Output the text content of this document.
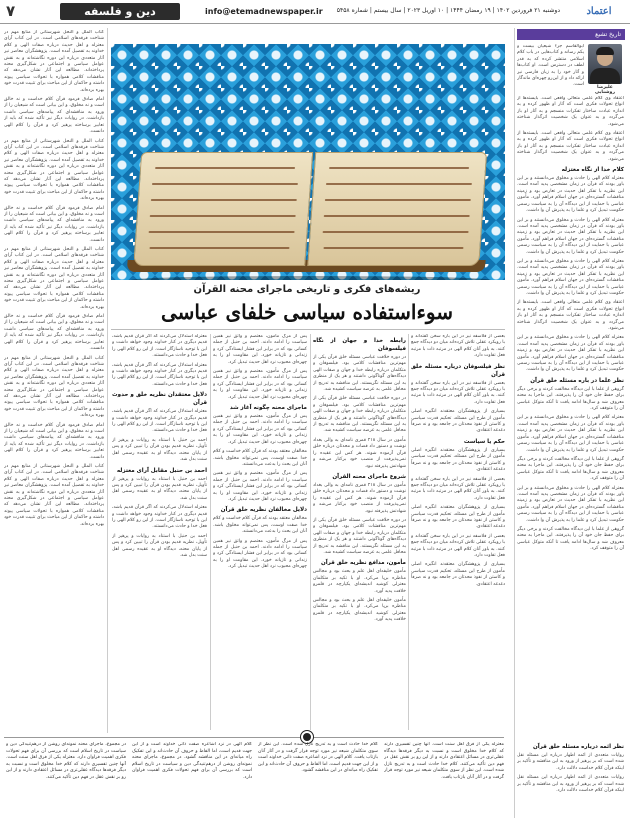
۷	دین و فلسفه	info@etemadnewspaper.ir	دوشنبه ۲۱ فروردین ۱۴۰۲ | ۱۹ رمضان ۱۴۴۴ | ۱۰ آوریل ۲۰۲۳ | سال بیستم | شماره ۵۴۵۸	اعتماد
تاریخ تشیع
علیرضا روشنایی

ابوالقاسم جزء شیعیان بیست و یکم رسانه و کتاب‌هایی در باب کلام اسلامی منتشر کرده که به قدر لطف در دسترس است. او کتاب‌ها و آثار خود را به زبان فارسی نیز ارائه داد و از این‌رو چهره‌ای ماندگار است.

اعتقاد وی کلام علمی متعالی واقعی است. بایسته‌ها از انواع تحولات فکری است که آثار او ظهور کرده و به اندازه عبادت ساختار تفکرات منسجم و به آثار او باز می‌گردد و به عنوان یک شخصیت اثرگذار شناخته می‌شود.

اعتقاد وی کلام علمی متعالی واقعی است. بایسته‌ها از انواع تحولات فکری است که آثار او ظهور کرده و به اندازه عبادت ساختار تفکرات منسجم و به آثار او باز می‌گردد و به عنوان یک شخصیت اثرگذار شناخته می‌شود.

کلام خدا از نگاه معتزله

معتزله کلام الهی را حادث و مخلوق می‌دانستند و بر این باور بودند که قرآن در زمان مشخصی پدید آمده است. این نظریه با تفکر اهل حدیث در تعارض بود و زمینه مناقشات گسترده‌ای در جهان اسلام فراهم آورد. مأمون عباسی با حمایت از این دیدگاه آن را به سیاست رسمی حکومت تبدیل کرد و علما را به پذیرش آن وا داشت.

معتزله کلام الهی را حادث و مخلوق می‌دانستند و بر این باور بودند که قرآن در زمان مشخصی پدید آمده است. این نظریه با تفکر اهل حدیث در تعارض بود و زمینه مناقشات گسترده‌ای در جهان اسلام فراهم آورد. مأمون عباسی با حمایت از این دیدگاه آن را به سیاست رسمی حکومت تبدیل کرد و علما را به پذیرش آن وا داشت.

معتزله کلام الهی را حادث و مخلوق می‌دانستند و بر این باور بودند که قرآن در زمان مشخصی پدید آمده است. این نظریه با تفکر اهل حدیث در تعارض بود و زمینه مناقشات گسترده‌ای در جهان اسلام فراهم آورد. مأمون عباسی با حمایت از این دیدگاه آن را به سیاست رسمی حکومت تبدیل کرد و علما را به پذیرش آن وا داشت.

اعتقاد وی کلام علمی متعالی واقعی است. بایسته‌ها از انواع تحولات فکری است که آثار او ظهور کرده و به اندازه عبادت ساختار تفکرات منسجم و به آثار او باز می‌گردد و به عنوان یک شخصیت اثرگذار شناخته می‌شود.

معتزله کلام الهی را حادث و مخلوق می‌دانستند و بر این باور بودند که قرآن در زمان مشخصی پدید آمده است. این نظریه با تفکر اهل حدیث در تعارض بود و زمینه مناقشات گسترده‌ای در جهان اسلام فراهم آورد. مأمون عباسی با حمایت از این دیدگاه آن را به سیاست رسمی حکومت تبدیل کرد و علما را به پذیرش آن وا داشت.

نظر علما در باره مسئله خلق قرآن

گروهی از علما با این دیدگاه مخالفت کردند و برخی دیگر برای حفظ جان خود آن را پذیرفتند. این ماجرا به محنه معروف شد و سال‌ها ادامه یافت تا آنکه متوکل عباسی آن را متوقف کرد.

معتزله کلام الهی را حادث و مخلوق می‌دانستند و بر این باور بودند که قرآن در زمان مشخصی پدید آمده است. این نظریه با تفکر اهل حدیث در تعارض بود و زمینه مناقشات گسترده‌ای در جهان اسلام فراهم آورد. مأمون عباسی با حمایت از این دیدگاه آن را به سیاست رسمی حکومت تبدیل کرد و علما را به پذیرش آن وا داشت.

گروهی از علما با این دیدگاه مخالفت کردند و برخی دیگر برای حفظ جان خود آن را پذیرفتند. این ماجرا به محنه معروف شد و سال‌ها ادامه یافت تا آنکه متوکل عباسی آن را متوقف کرد.

معتزله کلام الهی را حادث و مخلوق می‌دانستند و بر این باور بودند که قرآن در زمان مشخصی پدید آمده است. این نظریه با تفکر اهل حدیث در تعارض بود و زمینه مناقشات گسترده‌ای در جهان اسلام فراهم آورد. مأمون عباسی با حمایت از این دیدگاه آن را به سیاست رسمی حکومت تبدیل کرد و علما را به پذیرش آن وا داشت.

گروهی از علما با این دیدگاه مخالفت کردند و برخی دیگر برای حفظ جان خود آن را پذیرفتند. این ماجرا به محنه معروف شد و سال‌ها ادامه یافت تا آنکه متوکل عباسی آن را متوقف کرد.

نظر ائمه درباره مسئله خلق قرآن

روایات متعددی از ائمه اطهار درباره این مسئله نقل شده است که بر پرهیز از ورود به این مناقشه و تأکید بر اینکه قرآن کلام خداست دلالت دارد.

روایات متعددی از ائمه اطهار درباره این مسئله نقل شده است که بر پرهیز از ورود به این مناقشه و تأکید بر اینکه قرآن کلام خداست دلالت دارد.

ریشه‌های فکری و تاریخی ماجرای محنه القرآن
سوءاستفاده سیاسی خلفای عباسی

بعضی از فلاسفه نیز در این باره سخن گفته‌اند و با رویکرد عقلی تلاش کرده‌اند میان دو دیدگاه جمع کنند. به باور آنان کلام الهی در مرتبه ذات با مرتبه فعل تفاوت دارد.

نظر فیلسوفان درباره مسئله خلق قرآن

بعضی از فلاسفه نیز در این باره سخن گفته‌اند و با رویکرد عقلی تلاش کرده‌اند میان دو دیدگاه جمع کنند. به باور آنان کلام الهی در مرتبه ذات با مرتبه فعل تفاوت دارد.

بسیاری از پژوهشگران معتقدند انگیزه اصلی مأمون از طرح این مسئله، تحکیم قدرت سیاسی و کاستن از نفوذ محدثان در جامعه بود و نه صرفاً دغدغه اعتقادی.

حکم یا سیاست

بسیاری از پژوهشگران معتقدند انگیزه اصلی مأمون از طرح این مسئله، تحکیم قدرت سیاسی و کاستن از نفوذ محدثان در جامعه بود و نه صرفاً دغدغه اعتقادی.

بعضی از فلاسفه نیز در این باره سخن گفته‌اند و با رویکرد عقلی تلاش کرده‌اند میان دو دیدگاه جمع کنند. به باور آنان کلام الهی در مرتبه ذات با مرتبه فعل تفاوت دارد.

بسیاری از پژوهشگران معتقدند انگیزه اصلی مأمون از طرح این مسئله، تحکیم قدرت سیاسی و کاستن از نفوذ محدثان در جامعه بود و نه صرفاً دغدغه اعتقادی.

بعضی از فلاسفه نیز در این باره سخن گفته‌اند و با رویکرد عقلی تلاش کرده‌اند میان دو دیدگاه جمع کنند. به باور آنان کلام الهی در مرتبه ذات با مرتبه فعل تفاوت دارد.

بسیاری از پژوهشگران معتقدند انگیزه اصلی مأمون از طرح این مسئله، تحکیم قدرت سیاسی و کاستن از نفوذ محدثان در جامعه بود و نه صرفاً دغدغه اعتقادی.

رابطه خدا و جهان از نگاه فیلسوفان

در دوره خلافت عباسی مسئله خلق قرآن یکی از مهم‌ترین مناقشات کلامی بود. فیلسوفان و متکلمان درباره رابطه خدا و جهان و صفات الهی دیدگاه‌های گوناگونی داشتند و هر یک از منظری به این مسئله نگریستند. این مناقشه به تدریج از محافل علمی به عرصه سیاست کشیده شد.

در دوره خلافت عباسی مسئله خلق قرآن یکی از مهم‌ترین مناقشات کلامی بود. فیلسوفان و متکلمان درباره رابطه خدا و جهان و صفات الهی دیدگاه‌های گوناگونی داشتند و هر یک از منظری به این مسئله نگریستند. این مناقشه به تدریج از محافل علمی به عرصه سیاست کشیده شد.

مأمون در سال ۲۱۸ قمری نامه‌ای به والی بغداد نوشت و دستور داد قضات و محدثان درباره خلق قرآن آزموده شوند. هر کس این عقیده را نمی‌پذیرفت از منصب خود برکنار می‌شد و شهادتش پذیرفته نبود.

شروع ماجرای محنه القرآن

مأمون در سال ۲۱۸ قمری نامه‌ای به والی بغداد نوشت و دستور داد قضات و محدثان درباره خلق قرآن آزموده شوند. هر کس این عقیده را نمی‌پذیرفت از منصب خود برکنار می‌شد و شهادتش پذیرفته نبود.

در دوره خلافت عباسی مسئله خلق قرآن یکی از مهم‌ترین مناقشات کلامی بود. فیلسوفان و متکلمان درباره رابطه خدا و جهان و صفات الهی دیدگاه‌های گوناگونی داشتند و هر یک از منظری به این مسئله نگریستند. این مناقشه به تدریج از محافل علمی به عرصه سیاست کشیده شد.

مأمون، مدافع نظریه خلق قرآن

مأمون خلیفه‌ای اهل علم و بحث بود و مجالس مناظره برپا می‌کرد. او با تکیه بر متکلمان معتزلی کوشید اندیشه‌ای یکپارچه در قلمرو خلافت پدید آورد.

مأمون خلیفه‌ای اهل علم و بحث بود و مجالس مناظره برپا می‌کرد. او با تکیه بر متکلمان معتزلی کوشید اندیشه‌ای یکپارچه در قلمرو خلافت پدید آورد.

پس از مرگ مأمون، معتصم و واثق نیز همین سیاست را ادامه دادند. احمد بن حنبل از جمله کسانی بود که در برابر این فشار ایستادگی کرد و زندانی و تازیانه خورد. این مقاومت او را به چهره‌ای محبوب نزد اهل حدیث تبدیل کرد.

پس از مرگ مأمون، معتصم و واثق نیز همین سیاست را ادامه دادند. احمد بن حنبل از جمله کسانی بود که در برابر این فشار ایستادگی کرد و زندانی و تازیانه خورد. این مقاومت او را به چهره‌ای محبوب نزد اهل حدیث تبدیل کرد.

ماجرای محنه چگونه آغاز شد

پس از مرگ مأمون، معتصم و واثق نیز همین سیاست را ادامه دادند. احمد بن حنبل از جمله کسانی بود که در برابر این فشار ایستادگی کرد و زندانی و تازیانه خورد. این مقاومت او را به چهره‌ای محبوب نزد اهل حدیث تبدیل کرد.

مخالفان معتقد بودند که قرآن کلام خداست و کلام خدا صفت اوست، پس نمی‌تواند مخلوق باشد. آنان این بحث را بدعت می‌دانستند.

پس از مرگ مأمون، معتصم و واثق نیز همین سیاست را ادامه دادند. احمد بن حنبل از جمله کسانی بود که در برابر این فشار ایستادگی کرد و زندانی و تازیانه خورد. این مقاومت او را به چهره‌ای محبوب نزد اهل حدیث تبدیل کرد.

دلایل مخالفان نظریه خلق قرآن

مخالفان معتقد بودند که قرآن کلام خداست و کلام خدا صفت اوست، پس نمی‌تواند مخلوق باشد. آنان این بحث را بدعت می‌دانستند.

پس از مرگ مأمون، معتصم و واثق نیز همین سیاست را ادامه دادند. احمد بن حنبل از جمله کسانی بود که در برابر این فشار ایستادگی کرد و زندانی و تازیانه خورد. این مقاومت او را به چهره‌ای محبوب نزد اهل حدیث تبدیل کرد.

معتزله استدلال می‌کردند که اگر قرآن قدیم باشد، قدیم دیگری در کنار خداوند وجود خواهد داشت و این با توحید ناسازگار است. از این رو کلام الهی را فعل خدا و حادث می‌دانستند.

معتزله استدلال می‌کردند که اگر قرآن قدیم باشد، قدیم دیگری در کنار خداوند وجود خواهد داشت و این با توحید ناسازگار است. از این رو کلام الهی را فعل خدا و حادث می‌دانستند.

دلایل معتقدان نظریه خلق و حدوث قرآن

معتزله استدلال می‌کردند که اگر قرآن قدیم باشد، قدیم دیگری در کنار خداوند وجود خواهد داشت و این با توحید ناسازگار است. از این رو کلام الهی را فعل خدا و حادث می‌دانستند.

احمد بن حنبل با استناد به روایات و پرهیز از تأویل، نظریه قدیم بودن قرآن را تبیین کرد و پس از پایان محنه، دیدگاه او به عقیده رسمی اهل سنت بدل شد.

احمد بن حنبل مقابل آرای معتزله

احمد بن حنبل با استناد به روایات و پرهیز از تأویل، نظریه قدیم بودن قرآن را تبیین کرد و پس از پایان محنه، دیدگاه او به عقیده رسمی اهل سنت بدل شد.

معتزله استدلال می‌کردند که اگر قرآن قدیم باشد، قدیم دیگری در کنار خداوند وجود خواهد داشت و این با توحید ناسازگار است. از این رو کلام الهی را فعل خدا و حادث می‌دانستند.

احمد بن حنبل با استناد به روایات و پرهیز از تأویل، نظریه قدیم بودن قرآن را تبیین کرد و پس از پایان محنه، دیدگاه او به عقیده رسمی اهل سنت بدل شد.

کتاب الملل و النحل شهرستانی از منابع مهم در شناخت فرقه‌های اسلامی است. در این کتاب آرای معتزله و اهل حدیث درباره صفات الهی و کلام خداوند به تفصیل آمده است. پژوهشگران معاصر نیز آثار متعددی درباره این دوره نگاشته‌اند و به نقش عوامل سیاسی و اجتماعی در شکل‌گیری محنه پرداخته‌اند. مطالعه این آثار نشان می‌دهد که مناقشات کلامی همواره با تحولات سیاسی پیوند داشته و حاکمان از این مباحث برای تثبیت قدرت خود بهره برده‌اند.

امام صادق فرمود قرآن کلام خداست و نه خالق است و نه مخلوق، و این بیانی است که شیعیان را از ورود به مناقشه‌ای که پیامدهای سیاسی داشت بازداشت. در روایات دیگر نیز تأکید شده که باید از تعابیر برساخته پرهیز کرد و قرآن را کلام الهی دانست.

کتاب الملل و النحل شهرستانی از منابع مهم در شناخت فرقه‌های اسلامی است. در این کتاب آرای معتزله و اهل حدیث درباره صفات الهی و کلام خداوند به تفصیل آمده است. پژوهشگران معاصر نیز آثار متعددی درباره این دوره نگاشته‌اند و به نقش عوامل سیاسی و اجتماعی در شکل‌گیری محنه پرداخته‌اند. مطالعه این آثار نشان می‌دهد که مناقشات کلامی همواره با تحولات سیاسی پیوند داشته و حاکمان از این مباحث برای تثبیت قدرت خود بهره برده‌اند.

امام صادق فرمود قرآن کلام خداست و نه خالق است و نه مخلوق، و این بیانی است که شیعیان را از ورود به مناقشه‌ای که پیامدهای سیاسی داشت بازداشت. در روایات دیگر نیز تأکید شده که باید از تعابیر برساخته پرهیز کرد و قرآن را کلام الهی دانست.

کتاب الملل و النحل شهرستانی از منابع مهم در شناخت فرقه‌های اسلامی است. در این کتاب آرای معتزله و اهل حدیث درباره صفات الهی و کلام خداوند به تفصیل آمده است. پژوهشگران معاصر نیز آثار متعددی درباره این دوره نگاشته‌اند و به نقش عوامل سیاسی و اجتماعی در شکل‌گیری محنه پرداخته‌اند. مطالعه این آثار نشان می‌دهد که مناقشات کلامی همواره با تحولات سیاسی پیوند داشته و حاکمان از این مباحث برای تثبیت قدرت خود بهره برده‌اند.

امام صادق فرمود قرآن کلام خداست و نه خالق است و نه مخلوق، و این بیانی است که شیعیان را از ورود به مناقشه‌ای که پیامدهای سیاسی داشت بازداشت. در روایات دیگر نیز تأکید شده که باید از تعابیر برساخته پرهیز کرد و قرآن را کلام الهی دانست.

کتاب الملل و النحل شهرستانی از منابع مهم در شناخت فرقه‌های اسلامی است. در این کتاب آرای معتزله و اهل حدیث درباره صفات الهی و کلام خداوند به تفصیل آمده است. پژوهشگران معاصر نیز آثار متعددی درباره این دوره نگاشته‌اند و به نقش عوامل سیاسی و اجتماعی در شکل‌گیری محنه پرداخته‌اند. مطالعه این آثار نشان می‌دهد که مناقشات کلامی همواره با تحولات سیاسی پیوند داشته و حاکمان از این مباحث برای تثبیت قدرت خود بهره برده‌اند.

امام صادق فرمود قرآن کلام خداست و نه خالق است و نه مخلوق، و این بیانی است که شیعیان را از ورود به مناقشه‌ای که پیامدهای سیاسی داشت بازداشت. در روایات دیگر نیز تأکید شده که باید از تعابیر برساخته پرهیز کرد و قرآن را کلام الهی دانست.

کتاب الملل و النحل شهرستانی از منابع مهم در شناخت فرقه‌های اسلامی است. در این کتاب آرای معتزله و اهل حدیث درباره صفات الهی و کلام خداوند به تفصیل آمده است. پژوهشگران معاصر نیز آثار متعددی درباره این دوره نگاشته‌اند و به نقش عوامل سیاسی و اجتماعی در شکل‌گیری محنه پرداخته‌اند. مطالعه این آثار نشان می‌دهد که مناقشات کلامی همواره با تحولات سیاسی پیوند داشته و حاکمان از این مباحث برای تثبیت قدرت خود بهره برده‌اند.

معتزله یکی از فرق اهل سنت است. آنها چنین تفسیری دارند که کلام خدا مخلوق است و نسبت به دیگر فرقه‌ها دیدگاه عقلی‌تری در مسائل اعتقادی دارند و از این رو بر نقش عقل در فهم دین تأکید می‌کنند. کلام خدا حادث است و به تدریج نازل شده است. این نظر از سوی متکلمان شیعه نیز مورد توجه قرار گرفت و در آثار آنان بازتاب یافت.
کلام خدا حادث است و به تدریج نازل شده است. این نظر از سوی متکلمان شیعه نیز مورد توجه قرار گرفت و در آثار آنان بازتاب یافت. کلام الهی در نزد اشاعره صفت ذاتی خداوند است و از این جهت قدیم است، اما الفاظ و حروف آن حادث‌اند و این تفکیک راه میانه‌ای در این مناقشه گشود.
کلام الهی در نزد اشاعره صفت ذاتی خداوند است و از این جهت قدیم است، اما الفاظ و حروف آن حادث‌اند و این تفکیک راه میانه‌ای در این مناقشه گشود. در مجموع، ماجرای محنه نمونه‌ای روشن از درهم‌تنیدگی دین و سیاست در تاریخ اسلام است که بررسی آن برای فهم تحولات فکری اهمیت فراوان دارد.
در مجموع، ماجرای محنه نمونه‌ای روشن از درهم‌تنیدگی دین و سیاست در تاریخ اسلام است که بررسی آن برای فهم تحولات فکری اهمیت فراوان دارد. معتزله یکی از فرق اهل سنت است. آنها چنین تفسیری دارند که کلام خدا مخلوق است و نسبت به دیگر فرقه‌ها دیدگاه عقلی‌تری در مسائل اعتقادی دارند و از این رو بر نقش عقل در فهم دین تأکید می‌کنند.
